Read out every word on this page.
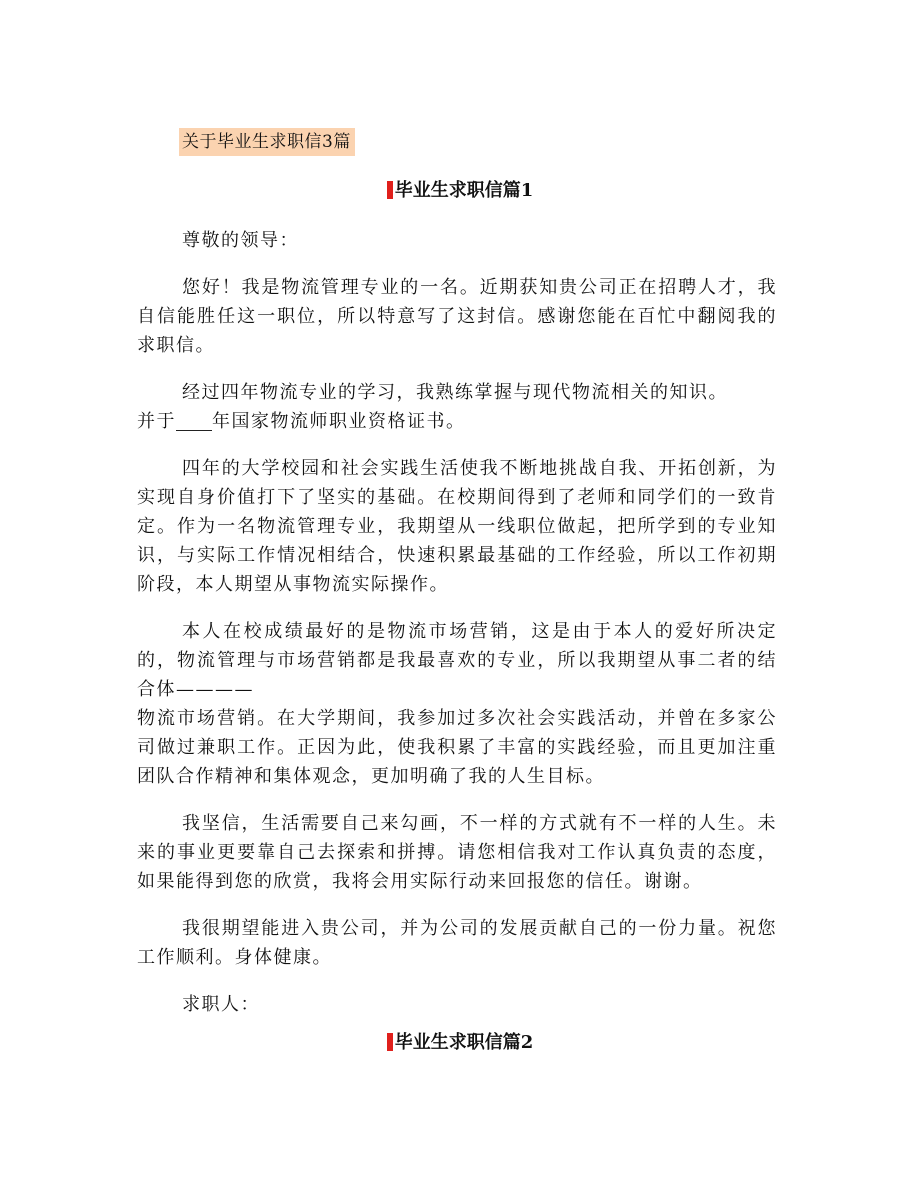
关于毕业生求职信3篇
毕业生求职信篇1

尊敬的领导：

您好！我是物流管理专业的一名。近期获知贵公司正在招聘人才，我自信能胜任这一职位，所以特意写了这封信。感谢您能在百忙中翻阅我的求职信。

经过四年物流专业的学习，我熟练掌握与现代物流相关的知识。
并于 年国家物流师职业资格证书。

四年的大学校园和社会实践生活使我不断地挑战自我、开拓创新，为实现自身价值打下了坚实的基础。在校期间得到了老师和同学们的一致肯定。作为一名物流管理专业，我期望从一线职位做起，把所学到的专业知识，与实际工作情况相结合，快速积累最基础的工作经验，所以工作初期阶段，本人期望从事物流实际操作。

本人在校成绩最好的是物流市场营销，这是由于本人的爱好所决定的，物流管理与市场营销都是我最喜欢的专业，所以我期望从事二者的结合体————

物流市场营销。在大学期间，我参加过多次社会实践活动，并曾在多家公司做过兼职工作。正因为此，使我积累了丰富的实践经验，而且更加注重团队合作精神和集体观念，更加明确了我的人生目标。

我坚信，生活需要自己来勾画，不一样的方式就有不一样的人生。未来的事业更要靠自己去探索和拼搏。请您相信我对工作认真负责的态度，如果能得到您的欣赏，我将会用实际行动来回报您的信任。谢谢。

我很期望能进入贵公司，并为公司的发展贡献自己的一份力量。祝您工作顺利。身体健康。

求职人：

毕业生求职信篇2
